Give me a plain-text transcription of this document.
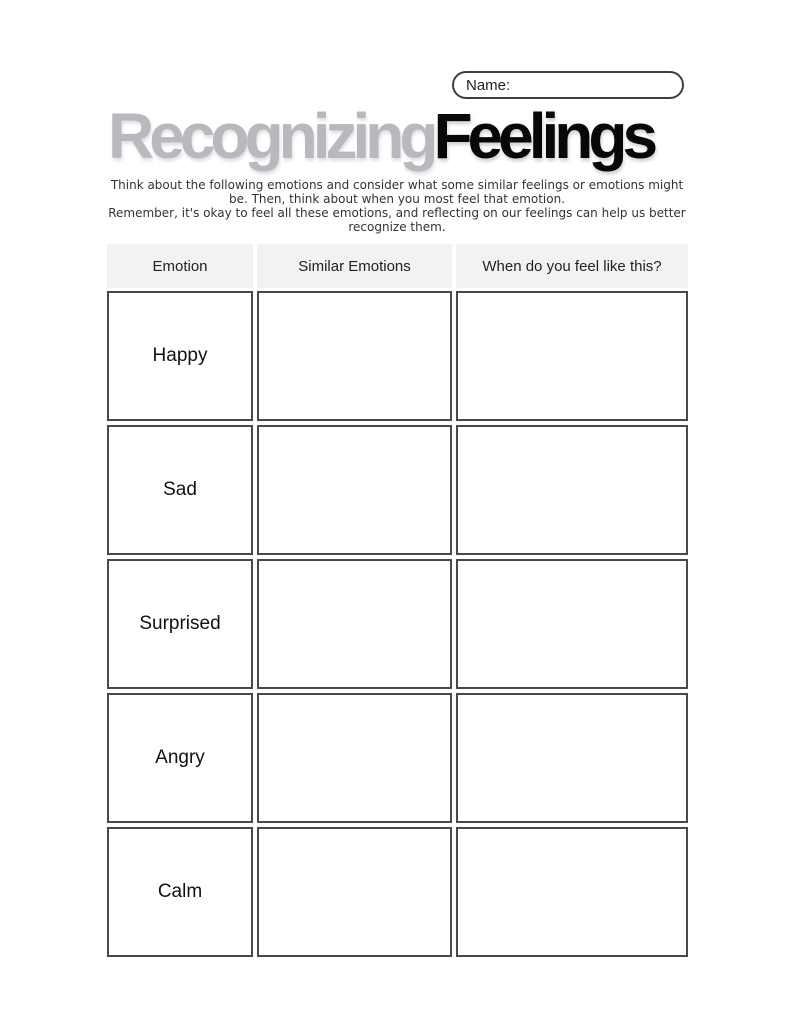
Name:
RecognizingFeelings

Think about the following emotions and consider what some similar feelings or emotions might be. Then, think about when you most feel that emotion.

Remember, it's okay to feel all these emotions, and reflecting on our feelings can help us better recognize them.

Emotion	Similar Emotions	When do you feel like this?
Happy
Sad
Surprised
Angry
Calm
